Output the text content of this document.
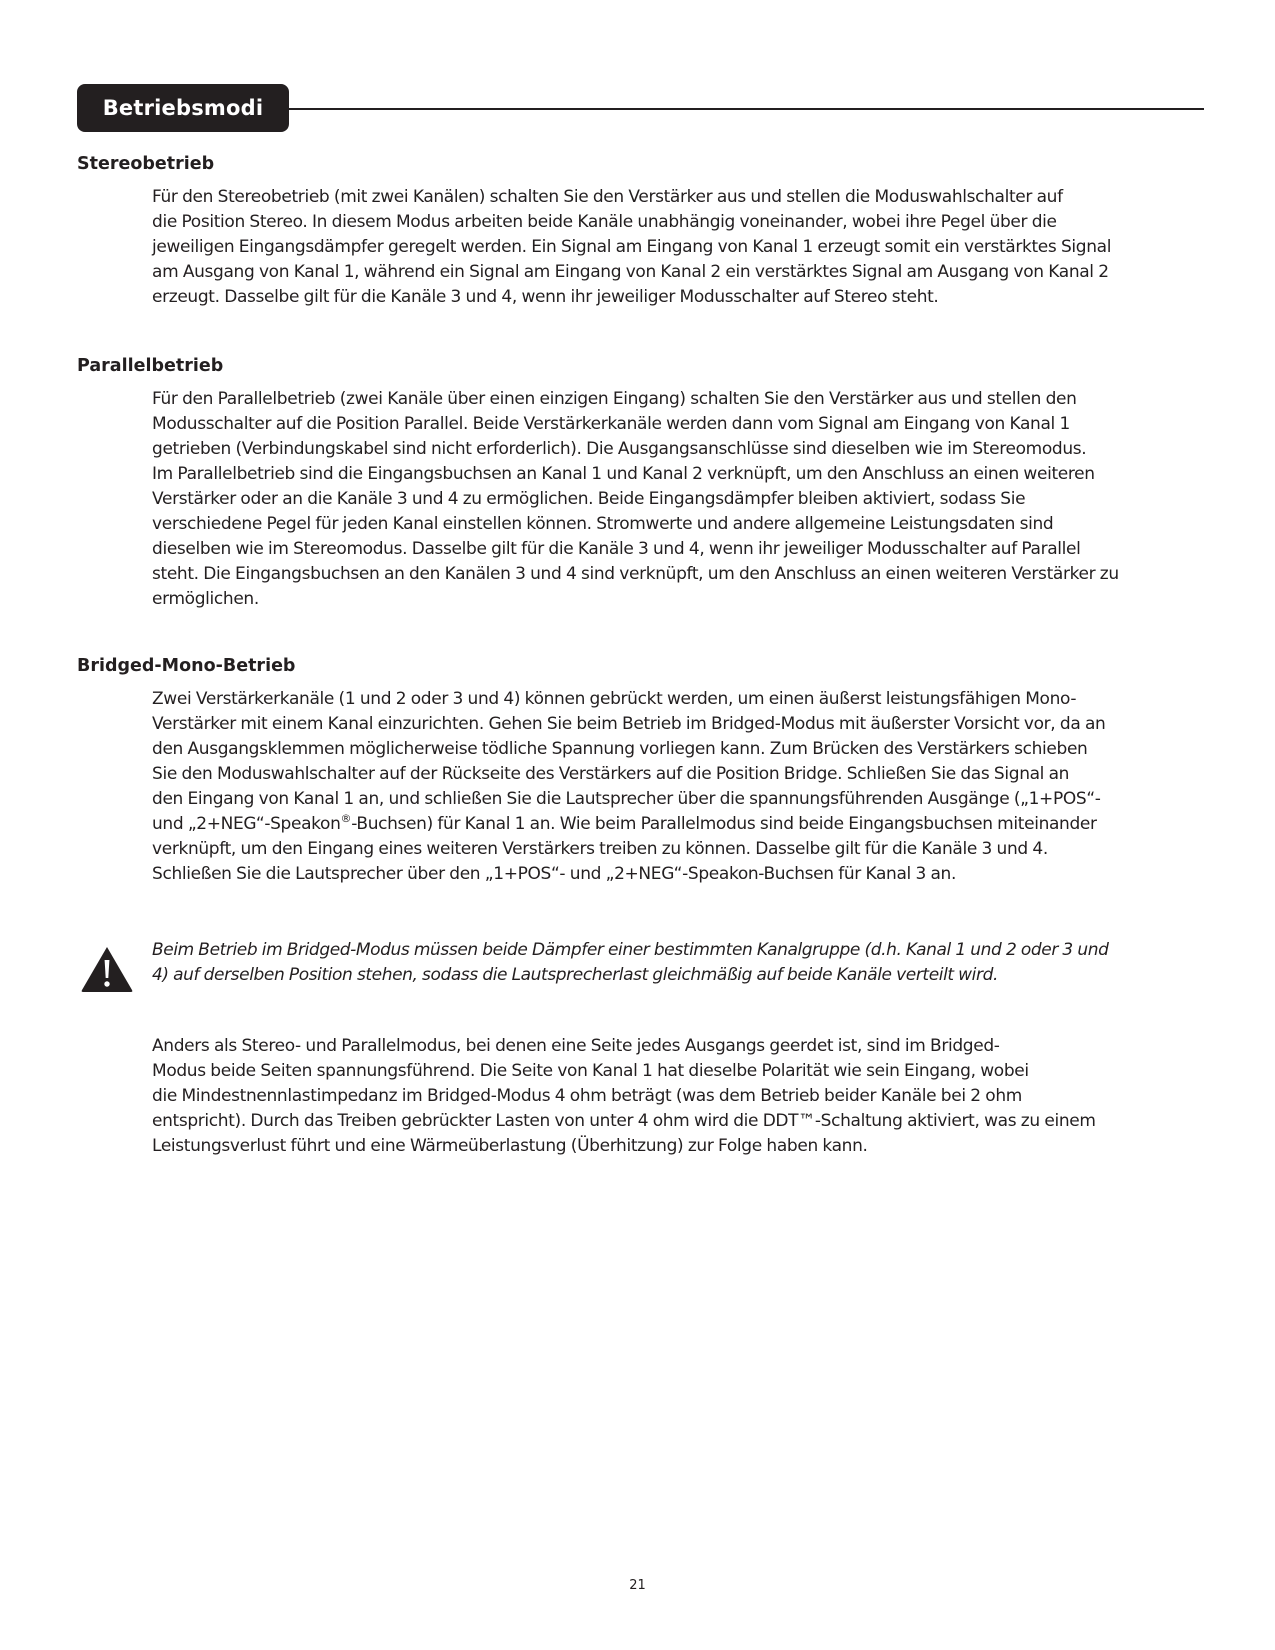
Betriebsmodi
Stereobetrieb

Für den Stereobetrieb (mit zwei Kanälen) schalten Sie den Verstärker aus und stellen die Moduswahlschalter auf
die Position Stereo. In diesem Modus arbeiten beide Kanäle unabhängig voneinander, wobei ihre Pegel über die
jeweiligen Eingangsdämpfer geregelt werden. Ein Signal am Eingang von Kanal 1 erzeugt somit ein verstärktes Signal
am Ausgang von Kanal 1, während ein Signal am Eingang von Kanal 2 ein verstärktes Signal am Ausgang von Kanal 2
erzeugt. Dasselbe gilt für die Kanäle 3 und 4, wenn ihr jeweiliger Modusschalter auf Stereo steht.

Parallelbetrieb

Für den Parallelbetrieb (zwei Kanäle über einen einzigen Eingang) schalten Sie den Verstärker aus und stellen den
Modusschalter auf die Position Parallel. Beide Verstärkerkanäle werden dann vom Signal am Eingang von Kanal 1
getrieben (Verbindungskabel sind nicht erforderlich). Die Ausgangsanschlüsse sind dieselben wie im Stereomodus.
Im Parallelbetrieb sind die Eingangsbuchsen an Kanal 1 und Kanal 2 verknüpft, um den Anschluss an einen weiteren
Verstärker oder an die Kanäle 3 und 4 zu ermöglichen. Beide Eingangsdämpfer bleiben aktiviert, sodass Sie
verschiedene Pegel für jeden Kanal einstellen können. Stromwerte und andere allgemeine Leistungsdaten sind
dieselben wie im Stereomodus. Dasselbe gilt für die Kanäle 3 und 4, wenn ihr jeweiliger Modusschalter auf Parallel
steht. Die Eingangsbuchsen an den Kanälen 3 und 4 sind verknüpft, um den Anschluss an einen weiteren Verstärker zu
ermöglichen.

Bridged-Mono-Betrieb

Zwei Verstärkerkanäle (1 und 2 oder 3 und 4) können gebrückt werden, um einen äußerst leistungsfähigen Mono-
Verstärker mit einem Kanal einzurichten. Gehen Sie beim Betrieb im Bridged-Modus mit äußerster Vorsicht vor, da an
den Ausgangsklemmen möglicherweise tödliche Spannung vorliegen kann. Zum Brücken des Verstärkers schieben
Sie den Moduswahlschalter auf der Rückseite des Verstärkers auf die Position Bridge. Schließen Sie das Signal an
den Eingang von Kanal 1 an, und schließen Sie die Lautsprecher über die spannungsführenden Ausgänge („1+POS“-
und „2+NEG“-Speakon®-Buchsen) für Kanal 1 an. Wie beim Parallelmodus sind beide Eingangsbuchsen miteinander
verknüpft, um den Eingang eines weiteren Verstärkers treiben zu können. Dasselbe gilt für die Kanäle 3 und 4.
Schließen Sie die Lautsprecher über den „1+POS“- und „2+NEG“-Speakon-Buchsen für Kanal 3 an.

Beim Betrieb im Bridged-Modus müssen beide Dämpfer einer bestimmten Kanalgruppe (d.h. Kanal 1 und 2 oder 3 und
4) auf derselben Position stehen, sodass die Lautsprecherlast gleichmäßig auf beide Kanäle verteilt wird.
Anders als Stereo- und Parallelmodus, bei denen eine Seite jedes Ausgangs geerdet ist, sind im Bridged-
Modus beide Seiten spannungsführend. Die Seite von Kanal 1 hat dieselbe Polarität wie sein Eingang, wobei
die Mindestnennlastimpedanz im Bridged-Modus 4 ohm beträgt (was dem Betrieb beider Kanäle bei 2 ohm
entspricht). Durch das Treiben gebrückter Lasten von unter 4 ohm wird die DDT™-Schaltung aktiviert, was zu einem
Leistungsverlust führt und eine Wärmeüberlastung (Überhitzung) zur Folge haben kann.
21
